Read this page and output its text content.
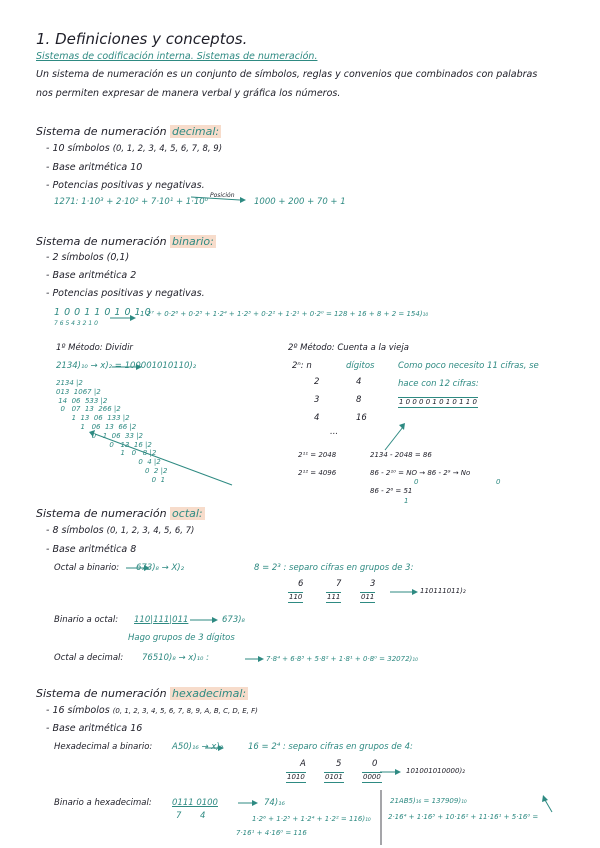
1. Definiciones y conceptos.
Sistemas de codificación interna. Sistemas de numeración.
Un sistema de numeración es un conjunto de símbolos, reglas y convenios que combinados con palabras
nos permiten expresar de manera verbal y gráfica los números.
Sistema de numeración decimal:
- 10 símbolos (0, 1, 2, 3, 4, 5, 6, 7, 8, 9)
- Base aritmética 10
- Potencias positivas y negativas.
1271: 1·10³ + 2·10² + 7·10¹ + 1·10⁰
Posición
1000 + 200 + 70 + 1
Sistema de numeración binario:
- 2 símbolos (0,1)
- Base aritmética 2
- Potencias positivas y negativas.
1 0 0 1 1 0 1 0 1 0
7 6 5 4 3 2 1 0
1·2⁷ + 0·2⁶ + 0·2⁵ + 1·2⁴ + 1·2³ + 0·2² + 1·2¹ + 0·2⁰ = 128 + 16 + 8 + 2 = 154)₁₀
1º Método: Dividir
2134)₁₀ → x)₂ = 100001010110)₂
2134 |2
013  1067 |2
14  06  533 |2
0   07  13  266 |2
1  13  06  133 |2
1   06  13  66 |2
0   1  06  33 |2
0   13  16 |2
1   0   8 |2
0  4 |2
0  2 |2
0  1
2º Método: Cuenta a la vieja
2ⁿ: n	dígitos
2	4
3	8
4	16
...
Como poco necesito 11 cifras, se
hace con 12 cifras:
1 0 0 0 0 1 0 1 0 1 1 0
2¹¹ = 2048
2¹² = 4096
2134 - 2048 = 86
86 - 2¹⁰ = NO → 86 - 2⁹ → No
86 - 2⁶ = 51
0	0
1
Sistema de numeración octal:
- 8 símbolos (0, 1, 2, 3, 4, 5, 6, 7)
- Base aritmética 8
Octal a binario: 673)₈ → X)₂	8 = 2³ : separo cifras en grupos de 3:
6	7	3
110	111	011
110111011)₂
Binario a octal: 110|111|011	673)₈
Hago grupos de 3 dígitos
Octal a decimal: 76510)₈ → x)₁₀ :	7·8⁴ + 6·8³ + 5·8² + 1·8¹ + 0·8⁰ = 32072)₁₀
Sistema de numeración hexadecimal:
- 16 símbolos (0, 1, 2, 3, 4, 5, 6, 7, 8, 9, A, B, C, D, E, F)
- Base aritmética 16
Hexadecimal a binario: A50)₁₆ → x)₂	16 = 2⁴ : separo cifras en grupos de 4:
A	5	0
1010	0101	0000
101001010000)₂
Binario a hexadecimal: 0111 0100
7 4
74)₁₆
1·2⁶ + 1·2⁵ + 1·2⁴ + 1·2² = 116)₁₀
7·16¹ + 4·16⁰ = 116
21AB5)₁₆ = 137909)₁₀
2·16⁴ + 1·16³ + 10·16² + 11·16¹ + 5·16⁰ =
